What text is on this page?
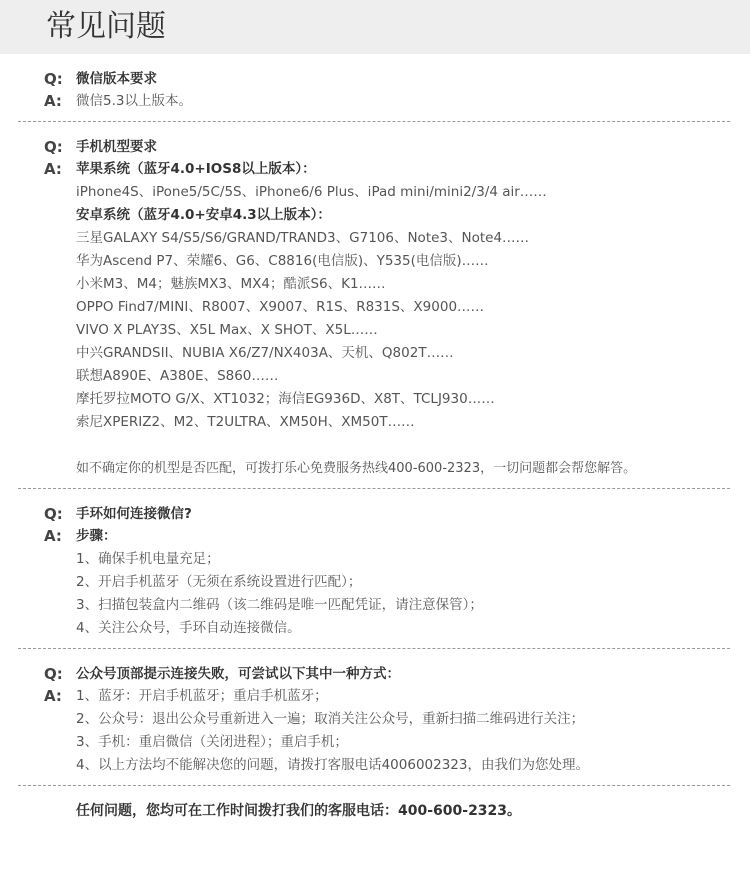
常见问题
Q: 微信版本要求
A:	微信5.3以上版本。
Q: 手机机型要求
A:	苹果系统（蓝牙4.0+IOS8以上版本）：
iPhone4S、iPone5/5C/5S、iPhone6/6 Plus、iPad mini/mini2/3/4 air……
安卓系统（蓝牙4.0+安卓4.3以上版本）：
三星GALAXY S4/S5/S6/GRAND/TRAND3、G7106、Note3、Note4……
华为Ascend P7、荣耀6、G6、C8816(电信版)、Y535(电信版)……
小米M3、M4；魅族MX3、MX4；酷派S6、K1……
OPPO Find7/MINI、R8007、X9007、R1S、R831S、X9000……
VIVO X PLAY3S、X5L Max、X SHOT、X5L……
中兴GRANDSII、NUBIA X6/Z7/NX403A、天机、Q802T……
联想A890E、A380E、S860……
摩托罗拉MOTO G/X、XT1032；海信EG936D、X8T、TCLJ930……
索尼XPERIZ2、M2、T2ULTRA、XM50H、XM50T……
如不确定你的机型是否匹配，可拨打乐心免费服务热线400-600-2323，一切问题都会帮您解答。
Q: 手环如何连接微信?
A:	步骤：
1、确保手机电量充足；
2、开启手机蓝牙（无须在系统设置进行匹配）；
3、扫描包装盒内二维码（该二维码是唯一匹配凭证，请注意保管）；
4、关注公众号，手环自动连接微信。
Q: 公众号顶部提示连接失败，可尝试以下其中一种方式：
A:	1、蓝牙：开启手机蓝牙；重启手机蓝牙；
2、公众号：退出公众号重新进入一遍；取消关注公众号，重新扫描二维码进行关注；
3、手机：重启微信（关闭进程）；重启手机；
4、以上方法均不能解决您的问题，请拨打客服电话4006002323，由我们为您处理。
任何问题，您均可在工作时间拨打我们的客服电话：400-600-2323。
